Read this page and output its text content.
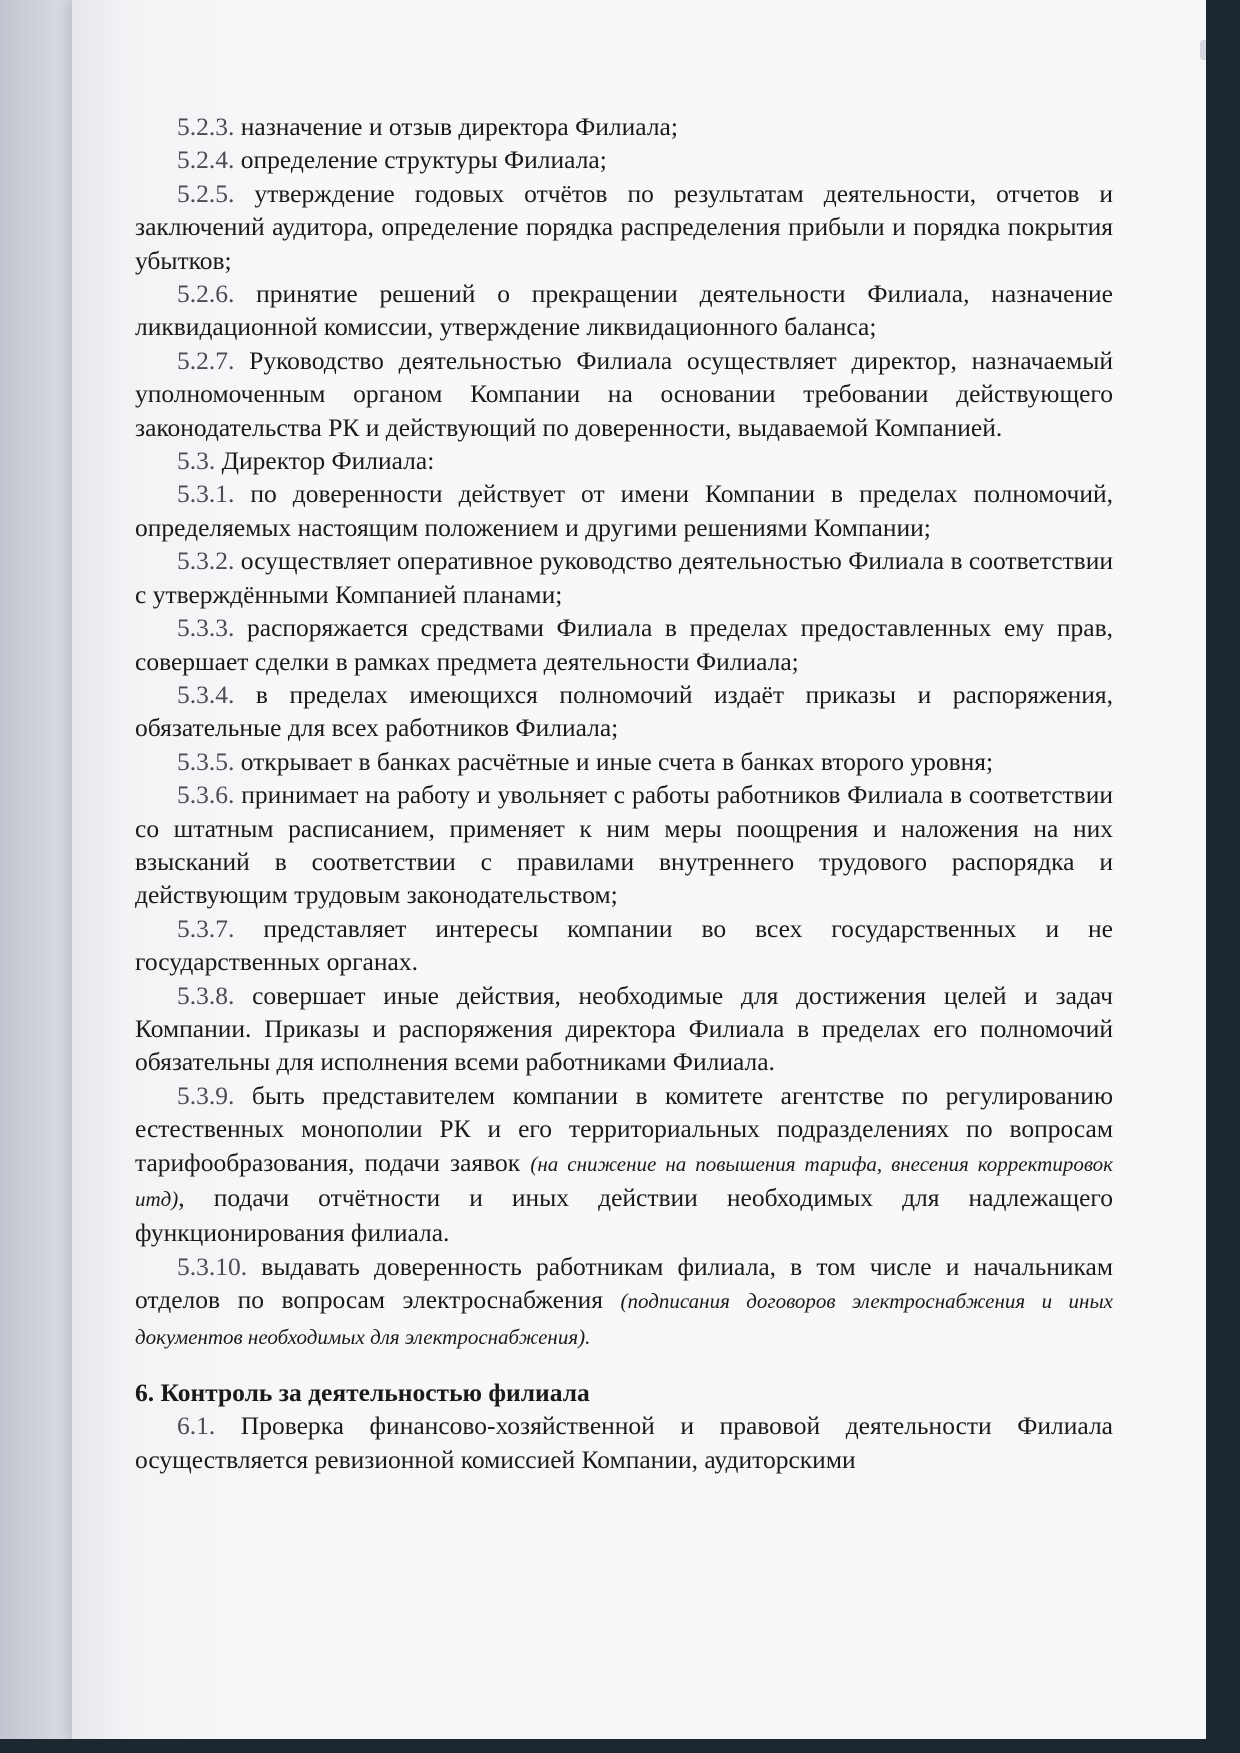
5.2.3. назначение и отзыв директора Филиала;

5.2.4. определение структуры Филиала;

5.2.5. утверждение годовых отчётов по результатам деятельности, отчетов и заключений аудитора, определение порядка распределения прибыли и порядка покрытия убытков;

5.2.6. принятие решений о прекращении деятельности Филиала, назначение ликвидационной комиссии, утверждение ликвидационного баланса;

5.2.7. Руководство деятельностью Филиала осуществляет директор, назначаемый уполномоченным органом Компании на основании требовании действующего законодательства РК и действующий по доверенности, выдаваемой Компанией.

5.3. Директор Филиала:

5.3.1. по доверенности действует от имени Компании в пределах полномочий, определяемых настоящим положением и другими решениями Компании;

5.3.2. осуществляет оперативное руководство деятельностью Филиала в соответствии с утверждёнными Компанией планами;

5.3.3. распоряжается средствами Филиала в пределах предоставленных ему прав, совершает сделки в рамках предмета деятельности Филиала;

5.3.4. в пределах имеющихся полномочий издаёт приказы и распоряжения, обязательные для всех работников Филиала;

5.3.5. открывает в банках расчётные и иные счета в банках второго уровня;

5.3.6. принимает на работу и увольняет с работы работников Филиала в соответствии со штатным расписанием, применяет к ним меры поощрения и наложения на них взысканий в соответствии с правилами внутреннего трудового распорядка и действующим трудовым законодательством;

5.3.7. представляет интересы компании во всех государственных и не государственных органах.

5.3.8. совершает иные действия, необходимые для достижения целей и задач Компании. Приказы и распоряжения директора Филиала в пределах его полномочий обязательны для исполнения всеми работниками Филиала.

5.3.9. быть представителем компании в комитете агентстве по регулированию естественных монополии РК и его территориальных подразделениях по вопросам тарифообразования, подачи заявок (на снижение на повышения тарифа, внесения корректировок итд), подачи отчётности и иных действии необходимых для надлежащего функционирования филиала.

5.3.10. выдавать доверенность работникам филиала, в том числе и начальникам отделов по вопросам электроснабжения (подписания договоров электроснабжения и иных документов необходимых для электроснабжения).

6. Контроль за деятельностью филиала

6.1. Проверка финансово-хозяйственной и правовой деятельности Филиала осуществляется ревизионной комиссией Компании, аудиторскими
